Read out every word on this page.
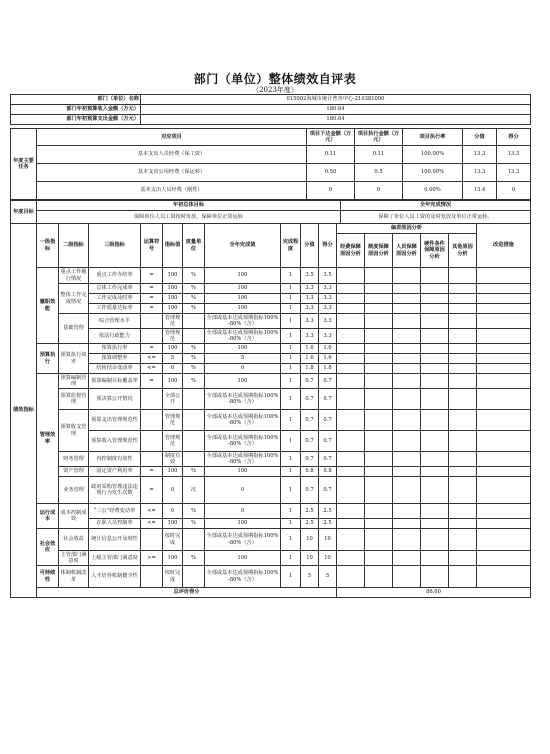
部门（单位）整体绩效自评表
（2023年度）
部门（单位）名称	015002海城市统计普查中心-210381000
部门年初预算收入金额（万元）	180.64
部门年初预算支出金额（万元）	180.64
年度主要任务	对应项目	项目下达金额（万元）	项目执行金额（万元）	项目执行率	分值	得分
	基本支出人员经费（保工资）	0.11	0.11	100.00%	13.3	13.3
	基本支出公用经费（保运转）	0.50	0.5	100.00%	13.3	13.3
	基本支出人员经费（刚性）	0	0	0.00%	13.4	0
年度目标	年初总体目标	全年完成情况
	保障单位人员工资按时发放，保障单位正常运转	保障了单位人员工资的及时发放及单位正常运转。
绩效指标	一级指标	二级指标	三级指标	运算符号	指标值	度量单位	全年完成值	完成程度	分值	得分	偏差原因分析					改进措施
											经费保障原因分析	制度保障原因分析	人员保障原因分析	硬件条件保障原因分析	其他原因分析	
	履职效能	重点工作履行情况	重点工作办结率	=	100	%	100	1	3.5	3.5						
		整体工作完成情况	总体工作完成率	=	100	%	100	1	3.3	3.3						
			工作完成及时率	=	100	%	100	1	3.3	3.3						
			工作质量达标率	=	100	%	100	1	3.3	3.3						
		基础管理	综合管理水平		管理规范		全部或基本达成预期指标100%-80%（含）	1	3.3	3.3						
			依法行政能力		管理规范		全部或基本达成预期指标100%-80%（含）	1	3.3	3.3						

	预算执行	预算执行效率	预算执行率	=	100	%	100	1	1.6	1.6						
			预算调整率	<=	5	%	5	1	1.6	1.6						
			结转结余变动率	<=	0	%	0	1	1.8	1.8						
	管理效率	预算编制管理	预算编制目标覆盖率	=	100	%	100	1	0.7	0.7						
		预算监督管理	预决算公开情况		全部公开		全部或基本达成预期指标100%-80%（含）	1	0.7	0.7						
		预算收支管理	预算支出管理规范性		管理规范		全部或基本达成预期指标100%-80%（含）	1	0.7	0.7						
			预算收入管理规范性		管理规范		全部或基本达成预期指标100%-80%（含）	1	0.7	0.7						
		财务管理	内控制度有效性		制度有效		全部或基本达成预期指标100%-80%（含）	1	0.7	0.7						
		资产管理	固定资产利用率	=	100	%	100	1	0.8	0.8						
		业务管理	政府采购管理违法违规行为发生次数	=	0	次	0	1	0.7	0.7						

	运行成本	成本控制成效	“三公”经费变动率	<=	0	%	0	1	2.5	2.5						
			在职人员控制率	<=	100	%	100	1	2.5	2.5						
	社会效应	社会效益	统计信息公开及时性		按时完成		全部或基本达成预期指标100%-80%（含）	1	10	10						
		主管部门满意度	上级主管部门满意度	>=	100	%	100	1	10	10						
	可持续性	体制机制改革	人才培养机制健全性		按时完成		全部或基本达成预期指标100%-80%（含）	1	5	5						
	总评价得分										86.60					
